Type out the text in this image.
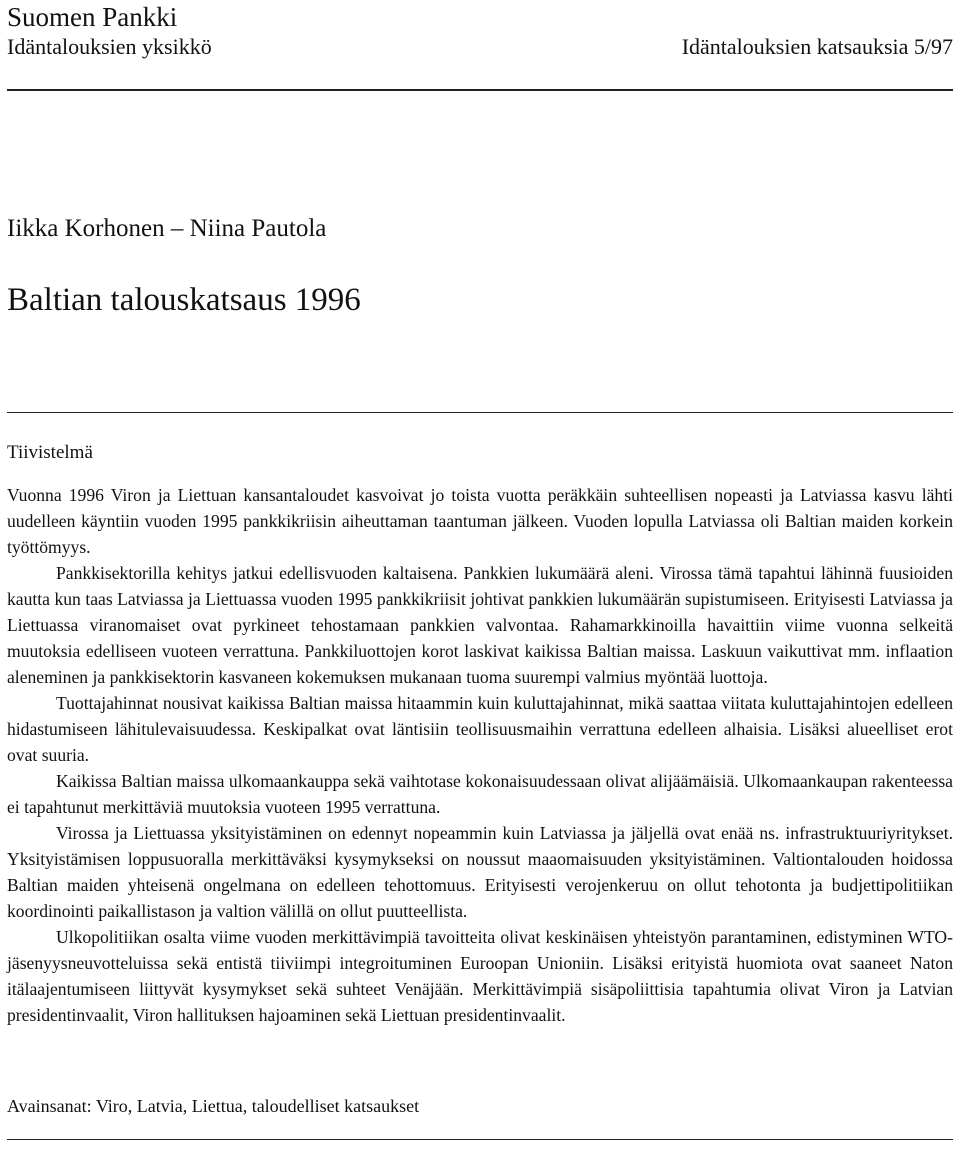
Suomen Pankki
Idäntalouksien yksikkö	Idäntalouksien katsauksia 5/97
Iikka Korhonen – Niina Pautola
Baltian talouskatsaus 1996
Tiivistelmä

Vuonna 1996 Viron ja Liettuan kansantaloudet kasvoivat jo toista vuotta peräkkäin suhteellisen nopeasti ja Latviassa kasvu lähti uudelleen käyntiin vuoden 1995 pankkikriisin aiheuttaman taantuman jälkeen. Vuoden lopulla Latviassa oli Baltian maiden korkein työttömyys.

Pankkisektorilla kehitys jatkui edellisvuoden kaltaisena. Pankkien lukumäärä aleni. Virossa tämä tapahtui lähinnä fuusioiden kautta kun taas Latviassa ja Liettuassa vuoden 1995 pankkikriisit johtivat pankkien lukumäärän supistumiseen. Erityisesti Latviassa ja Liettuassa viranomaiset ovat pyrkineet tehostamaan pankkien valvontaa. Rahamarkkinoilla havaittiin viime vuonna selkeitä muutoksia edelliseen vuoteen verrattuna. Pankkiluottojen korot laskivat kaikissa Baltian maissa. Laskuun vaikuttivat mm. inflaation aleneminen ja pankkisektorin kasvaneen kokemuksen mukanaan tuoma suurempi valmius myöntää luottoja.

Tuottajahinnat nousivat kaikissa Baltian maissa hitaammin kuin kuluttajahinnat, mikä saattaa viitata kuluttajahintojen edelleen hidastumiseen lähitulevaisuudessa. Keskipalkat ovat läntisiin teollisuusmaihin verrattuna edelleen alhaisia. Lisäksi alueelliset erot ovat suuria.

Kaikissa Baltian maissa ulkomaankauppa sekä vaihtotase kokonaisuudessaan olivat alijäämäisiä. Ulkomaankaupan rakenteessa ei tapahtunut merkittäviä muutoksia vuoteen 1995 verrattuna.

Virossa ja Liettuassa yksityistäminen on edennyt nopeammin kuin Latviassa ja jäljellä ovat enää ns. infrastruktuuriyritykset. Yksityistämisen loppusuoralla merkittäväksi kysymykseksi on noussut maaomaisuuden yksityistäminen. Valtiontalouden hoidossa Baltian maiden yhteisenä ongelmana on edelleen tehottomuus. Erityisesti verojenkeruu on ollut tehotonta ja budjettipolitiikan koordinointi paikallistason ja valtion välillä on ollut puutteellista.

Ulkopolitiikan osalta viime vuoden merkittävimpiä tavoitteita olivat keskinäisen yhteistyön parantaminen, edistyminen WTO-jäsenyysneuvotteluissa sekä entistä tiiviimpi integroituminen Euroopan Unioniin. Lisäksi erityistä huomiota ovat saaneet Naton itälaajentumiseen liittyvät kysymykset sekä suhteet Venäjään. Merkittävimpiä sisäpoliittisia tapahtumia olivat Viron ja Latvian presidentinvaalit, Viron hallituksen hajoaminen sekä Liettuan presidentinvaalit.

Avainsanat: Viro, Latvia, Liettua, taloudelliset katsaukset
